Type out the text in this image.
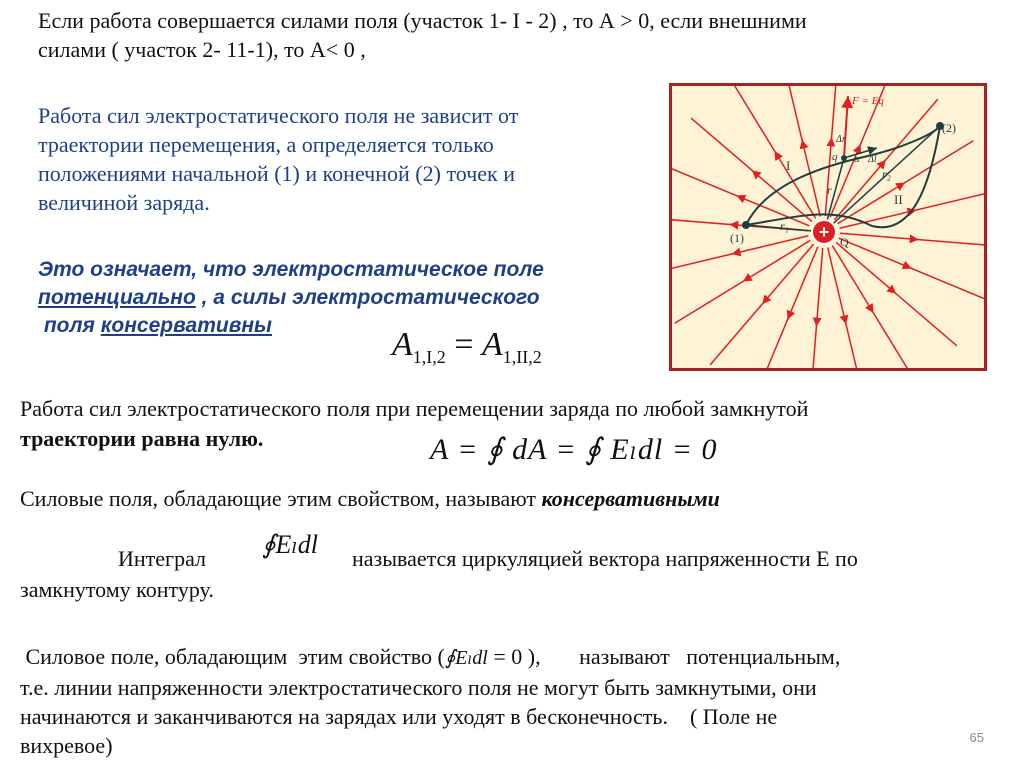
Если работа совершается силами поля (участок 1- I - 2) , то А > 0, если внешними
силами ( участок 2- 11-1), то А< 0 ,
Работа сил электростатического поля не зависит от
траектории перемещения, а определяется только
положениями начальной (1) и конечной (2) точек и
величиной заряда.
Это означает, что электростатическое поле
потенциально , а силы электростатического
поля консервативны
$A_{1,I,2} = A_{1,II,2}$
+ Q
(1)
(2)
I
II
r₁
r₂
r
q α Δl
Δr
F = Eq
Работа сил электростатического поля при перемещении заряда по любой замкнутой
траектории равна нулю.	A = ∮ dA = ∮ Eₗdl = 0
Силовые поля, обладающие этим свойством, называют консервативными
Интеграл ∮Eₗdl называется циркуляцией вектора напряженности Е по
замкнутому контуру.
Силовое поле, обладающим  этим свойство (∮Eₗdl = 0 ),       называют   потенциальным,
т.е. линии напряженности электростатического поля не могут быть замкнутыми, они
начинаются и заканчиваются на зарядах или уходят в бесконечность.    ( Поле не
вихревое)	65
